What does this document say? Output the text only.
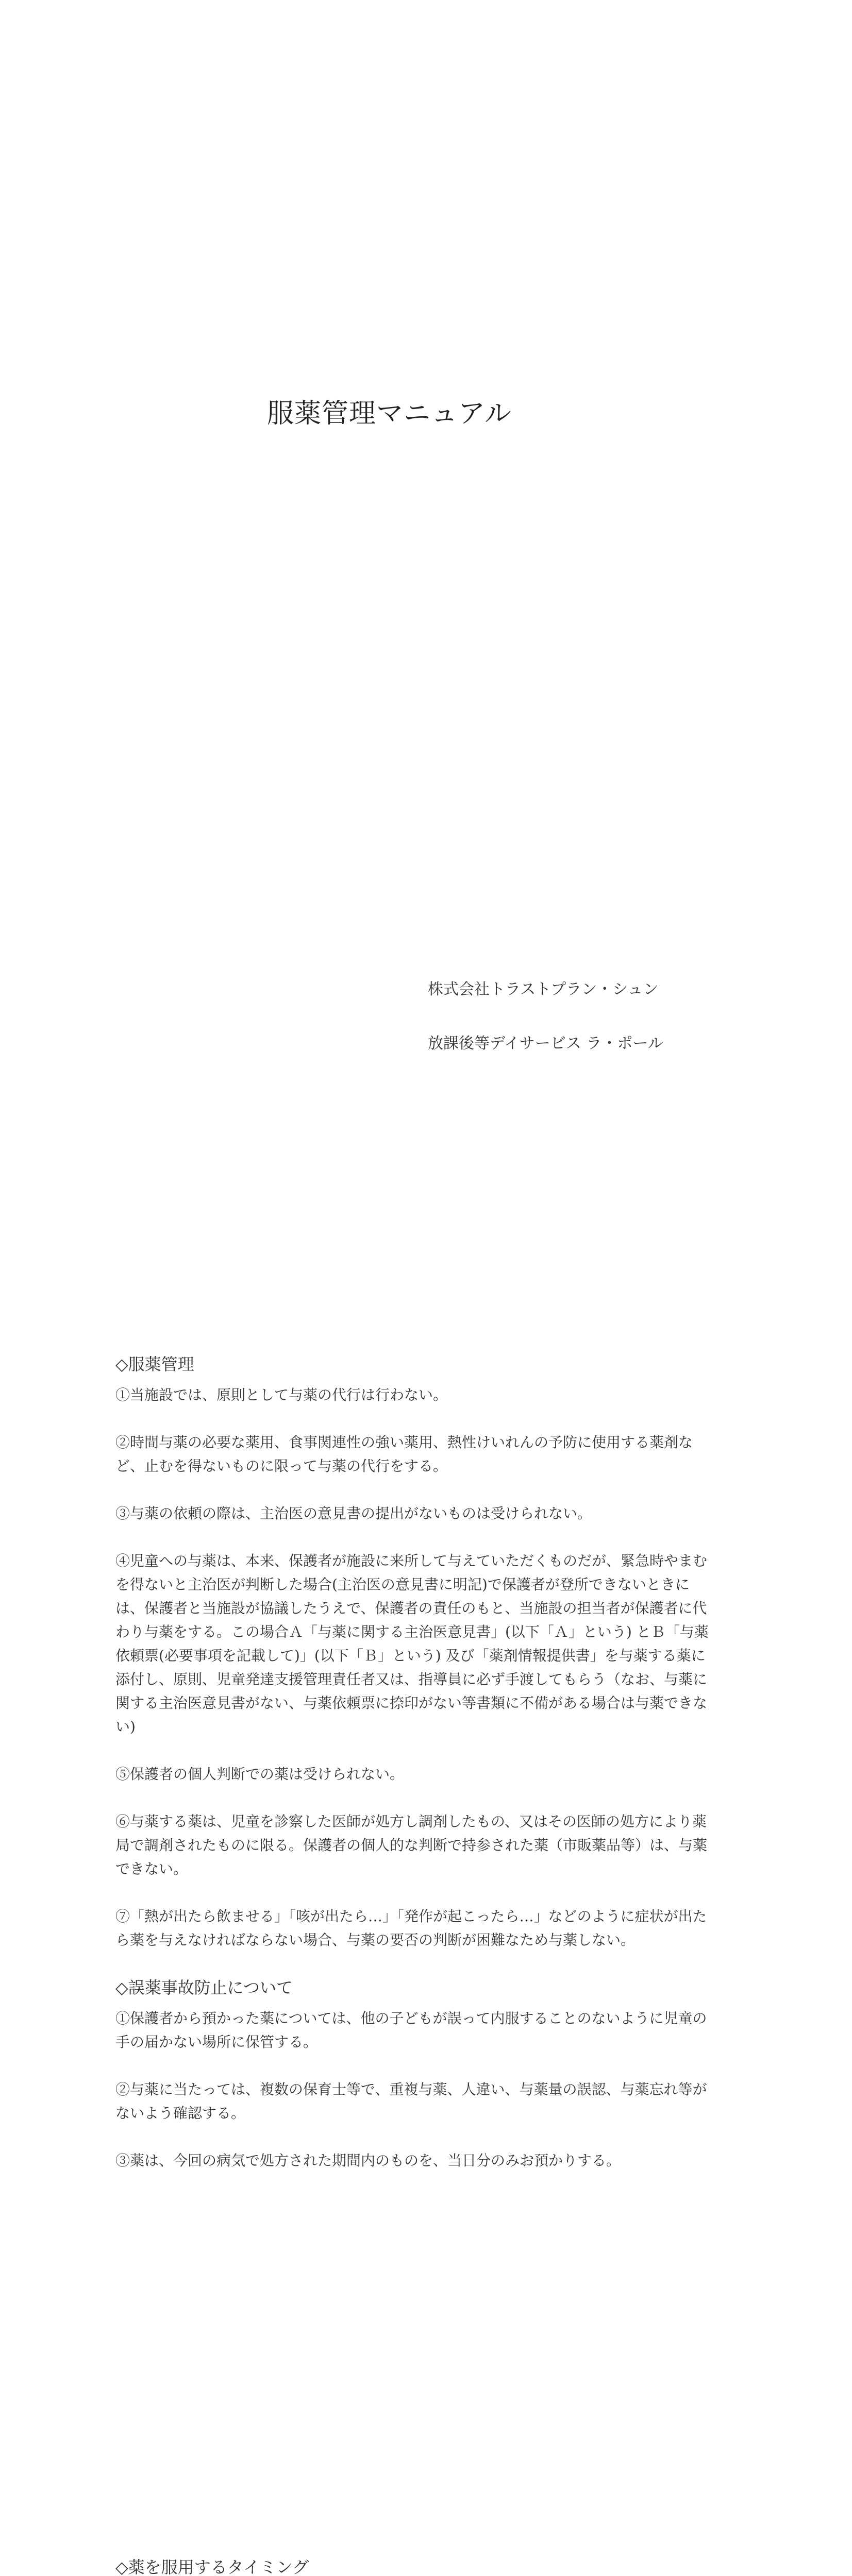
服薬管理マニュアル
株式会社トラストプラン・シュン
放課後等デイサービス ラ・ポール
◇服薬管理

①当施設では、原則として与薬の代行は行わない。

②時間与薬の必要な薬用、食事関連性の強い薬用、熱性けいれんの予防に使用する薬剤など、止むを得ないものに限って与薬の代行をする。

③与薬の依頼の際は、主治医の意見書の提出がないものは受けられない。

④児童への与薬は、本来、保護者が施設に来所して与えていただくものだが、緊急時やまむを得ないと主治医が判断した場合(主治医の意見書に明記)で保護者が登所できないときには、保護者と当施設が協議したうえで、保護者の責任のもと、当施設の担当者が保護者に代わり与薬をする。この場合Ａ「与薬に関する主治医意見書」(以下「Ａ」という) とＢ「与薬依頼票(必要事項を記載して)」(以下「Ｂ」という) 及び「薬剤情報提供書」を与薬する薬に添付し、原則、児童発達支援管理責任者又は、指導員に必ず手渡してもらう（なお、与薬に関する主治医意見書がない、与薬依頼票に捺印がない等書類に不備がある場合は与薬できない)

⑤保護者の個人判断での薬は受けられない。

⑥与薬する薬は、児童を診察した医師が処方し調剤したもの、又はその医師の処方により薬局で調剤されたものに限る。保護者の個人的な判断で持参された薬（市販薬品等）は、与薬できない。

⑦「熱が出たら飲ませる」「咳が出たら…」「発作が起こったら…」などのように症状が出たら薬を与えなければならない場合、与薬の要否の判断が困難なため与薬しない。

◇誤薬事故防止について

①保護者から預かった薬については、他の子どもが誤って内服することのないように児童の手の届かない場所に保管する。

②与薬に当たっては、複数の保育士等で、重複与薬、人違い、与薬量の誤認、与薬忘れ等がないよう確認する。

③薬は、今回の病気で処方された期間内のものを、当日分のみお預かりする。

◇薬を服用するタイミング
